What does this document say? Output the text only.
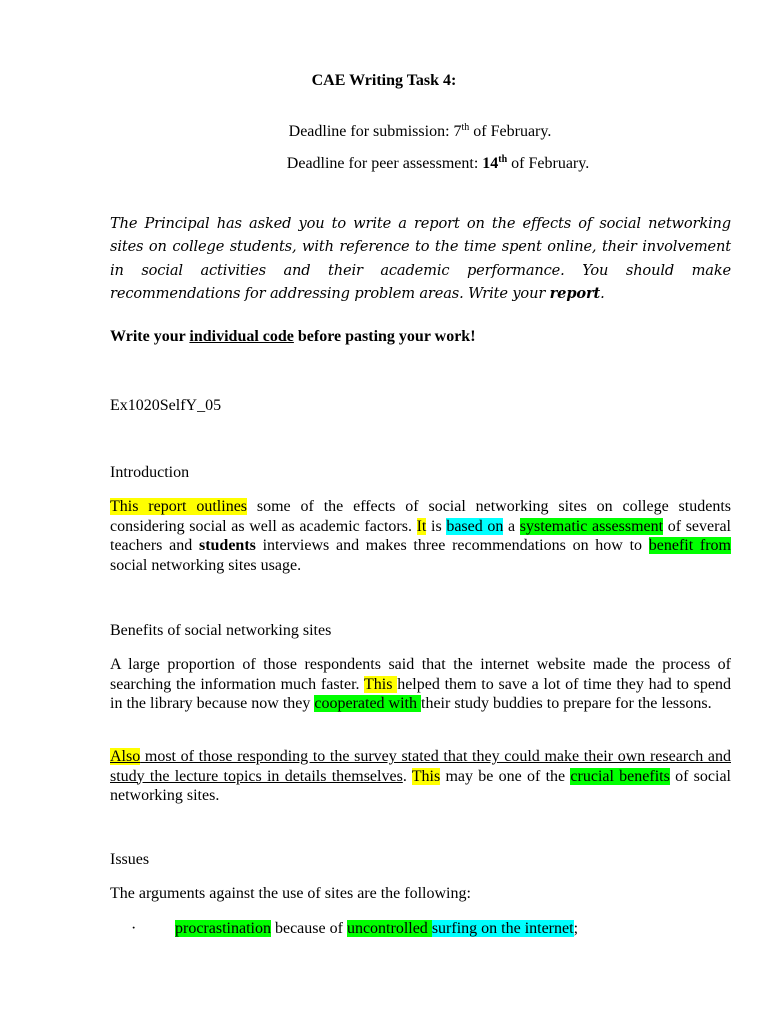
CAE Writing Task 4:
Deadline for submission: 7th of February.
Deadline for peer assessment: 14th of February.
The Principal has asked you to write a report on the effects of social networking sites on college students, with reference to the time spent online, their involvement in social activities and their academic performance. You should make recommendations for addressing problem areas. Write your report.
Write your individual code before pasting your work!
Ex1020SelfY_05
Introduction
This report outlines some of the effects of social networking sites on college students considering social as well as academic factors. It is based on a systematic assessment of several teachers and students interviews and makes three recommendations on how to benefit from social networking sites usage.
Benefits of social networking sites
A large proportion of those respondents said that the internet website made the process of searching the information much faster. This helped them to save a lot of time they had to spend in the library because now they cooperated with their study buddies to prepare for the lessons.
Also most of those responding to the survey stated that they could make their own research and study the lecture topics in details themselves. This may be one of the crucial benefits of social networking sites.
Issues
The arguments against the use of sites are the following:
· procrastination because of uncontrolled surfing on the internet;
